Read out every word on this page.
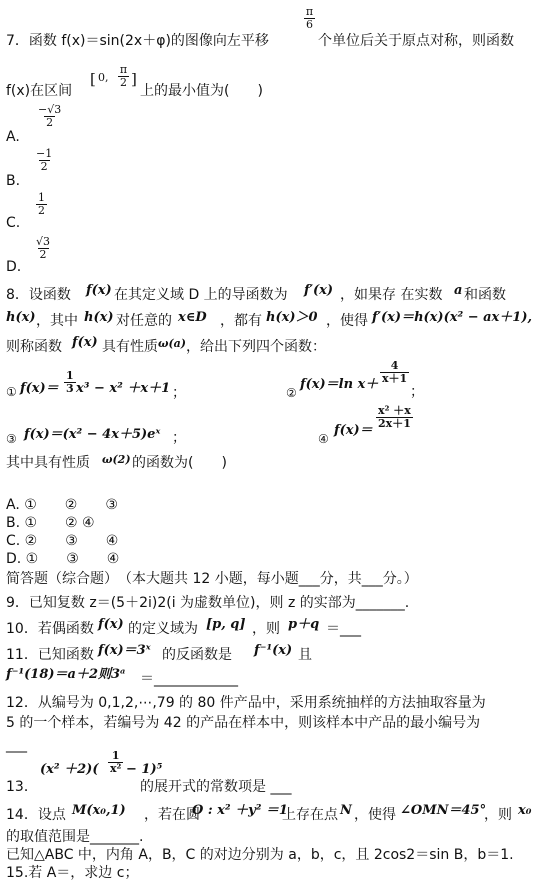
7．函数 f(x)＝sin(2x＋φ)的图像向左平移
$\frac{\pi}{6}$
个单位后关于原点对称，则函数
f(x)在区间
[ 0, $\frac{\pi}{2}$ ]
上的最小值为(　　)
A.
$\frac{-√3}{2}$
B.
$\frac{-1}{2}$
C.
$\frac{1}{2}$
D.
$\frac{√3}{2}$
8．设函数 f(x) 在其定义域 D 上的导函数为 f′(x) ，如果存 在实数 a 和函数
h(x) ，其中 h(x) 对任意的 x∈D ，都有 h(x)＞0 ，使得 f′(x)＝h(x)(x² − ax＋1),
则称函数 f(x) 具有性质 ω(a) ，给出下列四个函数：
① $f(x)= \frac{1}{3} x^3 - x^2 +x+1$ ；	②
f(x)＝ln $x+ \frac{4}{x+1}$
；
③ f(x)＝(x² − 4x＋5)eˣ ；	④
f(x)＝
$\frac{\text{x² ＋x}}{2x+1}$
其中具有性质 ω(2) 的函数为(　　)
A. ①　　②　　③
B. ①　　② ④
C. ②　　③　　④
D. ①　　③　　④
简答题（综合题）　（本大题共 12 小题，每小题___分，共___分。）
9．已知复数 z＝(5＋2i)2(i 为虚数单位)，则 z 的实部为_______.
10．若偶函数 f(x) 的定义域为 [p, q] ，则 p＋q ＝___
11．已知函数 f(x)＝3ˣ 的反函数是 f⁻¹(x) 且
f⁻¹(18)＝a＋2则3ᵃ ＝____________
12．从编号为 0,1,2,⋯,79 的 80 件产品中，采用系统抽样的方法抽取容量为
5 的一个样本，若编号为 42 的产品在样本中，则该样本中产品的最小编号为
___
13．
$(x^2 +2)( \frac{1}{\text{x²}} - 1)^5$
的展开式的常数项是 ___
14．设点 M(x₀,1) ，若在圆
O : x² ＋y² ＝1
上存在点 N ，使得 ∠OMN＝45°
，则 x₀
的取值范围是_______.
已知△ABC 中，内角 A，B，C 的对边分别为 a，b，c，且 2cos2＝sin B，b＝1.
15.若 A＝，求边 c；
